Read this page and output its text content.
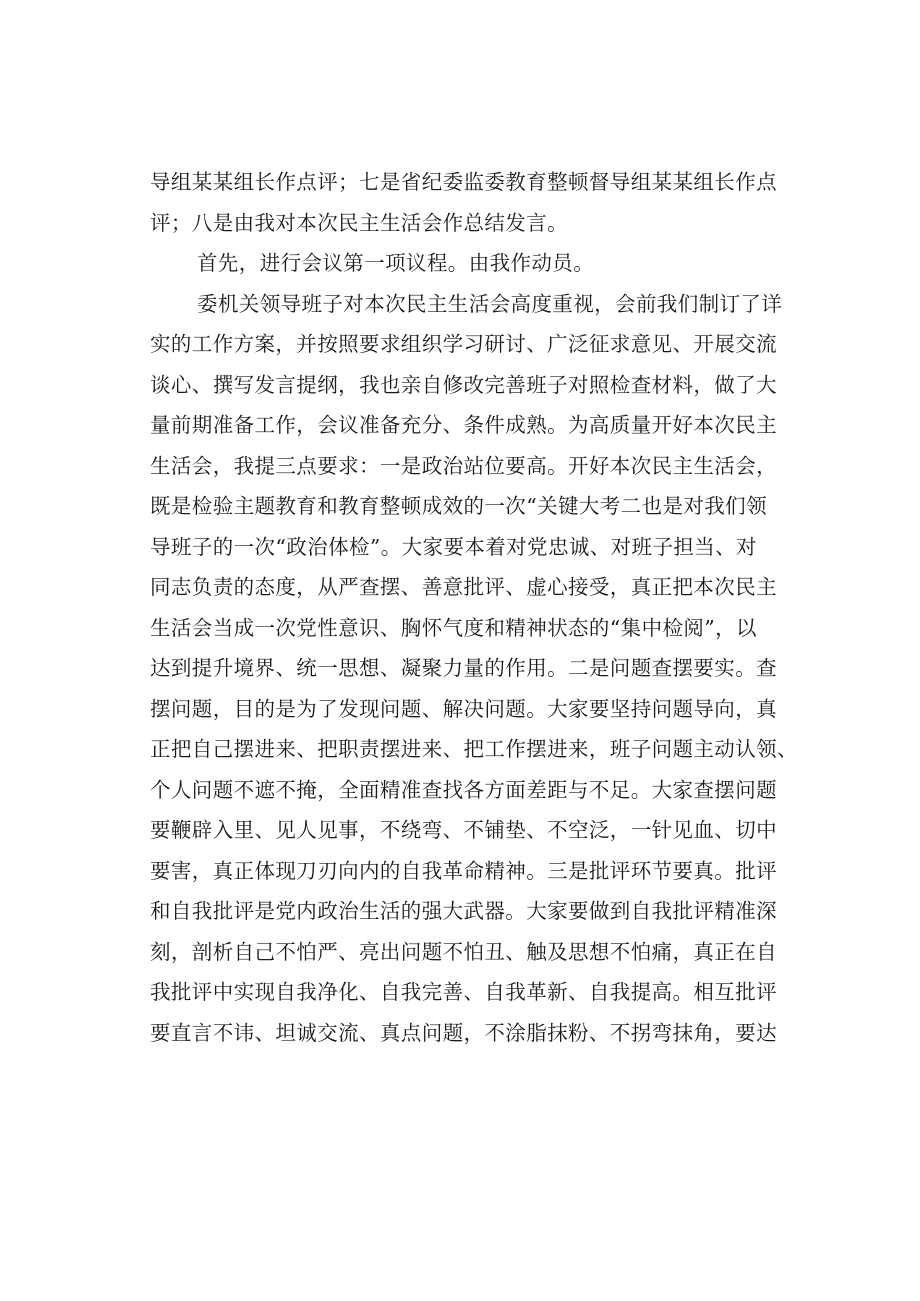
导组某某组长作点评；七是省纪委监委教育整顿督导组某某组长作点
评；八是由我对本次民主生活会作总结发言。
首先，进行会议第一项议程。由我作动员。
委机关领导班子对本次民主生活会高度重视，会前我们制订了详
实的工作方案，并按照要求组织学习研讨、广泛征求意见、开展交流
谈心、撰写发言提纲，我也亲自修改完善班子对照检查材料，做了大
量前期准备工作，会议准备充分、条件成熟。为高质量开好本次民主
生活会，我提三点要求：一是政治站位要高。开好本次民主生活会，
既是检验主题教育和教育整顿成效的一次“关键大考二也是对我们领
导班子的一次“政治体检”。大家要本着对党忠诚、对班子担当、对
同志负责的态度，从严查摆、善意批评、虚心接受，真正把本次民主
生活会当成一次党性意识、胸怀气度和精神状态的“集中检阅”，以
达到提升境界、统一思想、凝聚力量的作用。二是问题查摆要实。查
摆问题，目的是为了发现问题、解决问题。大家要坚持问题导向，真
正把自己摆进来、把职责摆进来、把工作摆进来，班子问题主动认领、
个人问题不遮不掩，全面精准查找各方面差距与不足。大家查摆问题
要鞭辟入里、见人见事，不绕弯、不铺垫、不空泛，一针见血、切中
要害，真正体现刀刃向内的自我革命精神。三是批评环节要真。批评
和自我批评是党内政治生活的强大武器。大家要做到自我批评精准深
刻，剖析自己不怕严、亮出问题不怕丑、触及思想不怕痛，真正在自
我批评中实现自我净化、自我完善、自我革新、自我提高。相互批评
要直言不讳、坦诚交流、真点问题，不涂脂抹粉、不拐弯抹角，要达
